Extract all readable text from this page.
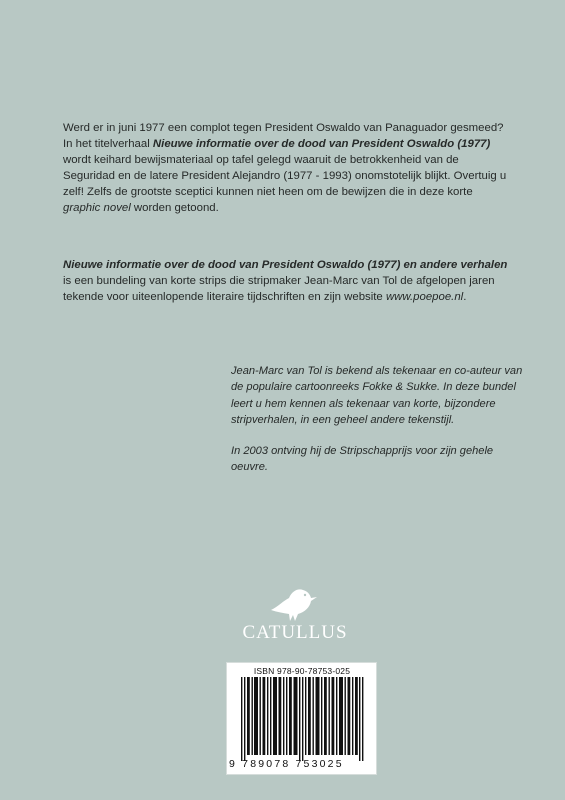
Werd er in juni 1977 een complot tegen President Oswaldo van Panaguador gesmeed? In het titelverhaal Nieuwe informatie over de dood van President Oswaldo (1977) wordt keihard bewijsmateriaal op tafel gelegd waaruit de betrokkenheid van de Seguridad en de latere President Alejandro (1977 - 1993) onomstotelijk blijkt. Overtuig u zelf! Zelfs de grootste sceptici kunnen niet heen om de bewijzen die in deze korte graphic novel worden getoond.

Nieuwe informatie over de dood van President Oswaldo (1977) en andere verhalen
is een bundeling van korte strips die stripmaker Jean-Marc van Tol de afgelopen jaren tekende voor uiteenlopende literaire tijdschriften en zijn website www.poepoe.nl.

Jean-Marc van Tol is bekend als tekenaar en co-auteur van de populaire cartoonreeks Fokke & Sukke. In deze bundel leert u hem kennen als tekenaar van korte, bijzondere stripverhalen, in een geheel andere tekenstijl.

In 2003 ontving hij de Stripschapprijs voor zijn gehele oeuvre.

CATULLUS
ISBN 978-90-78753-025
9 789078 753025
